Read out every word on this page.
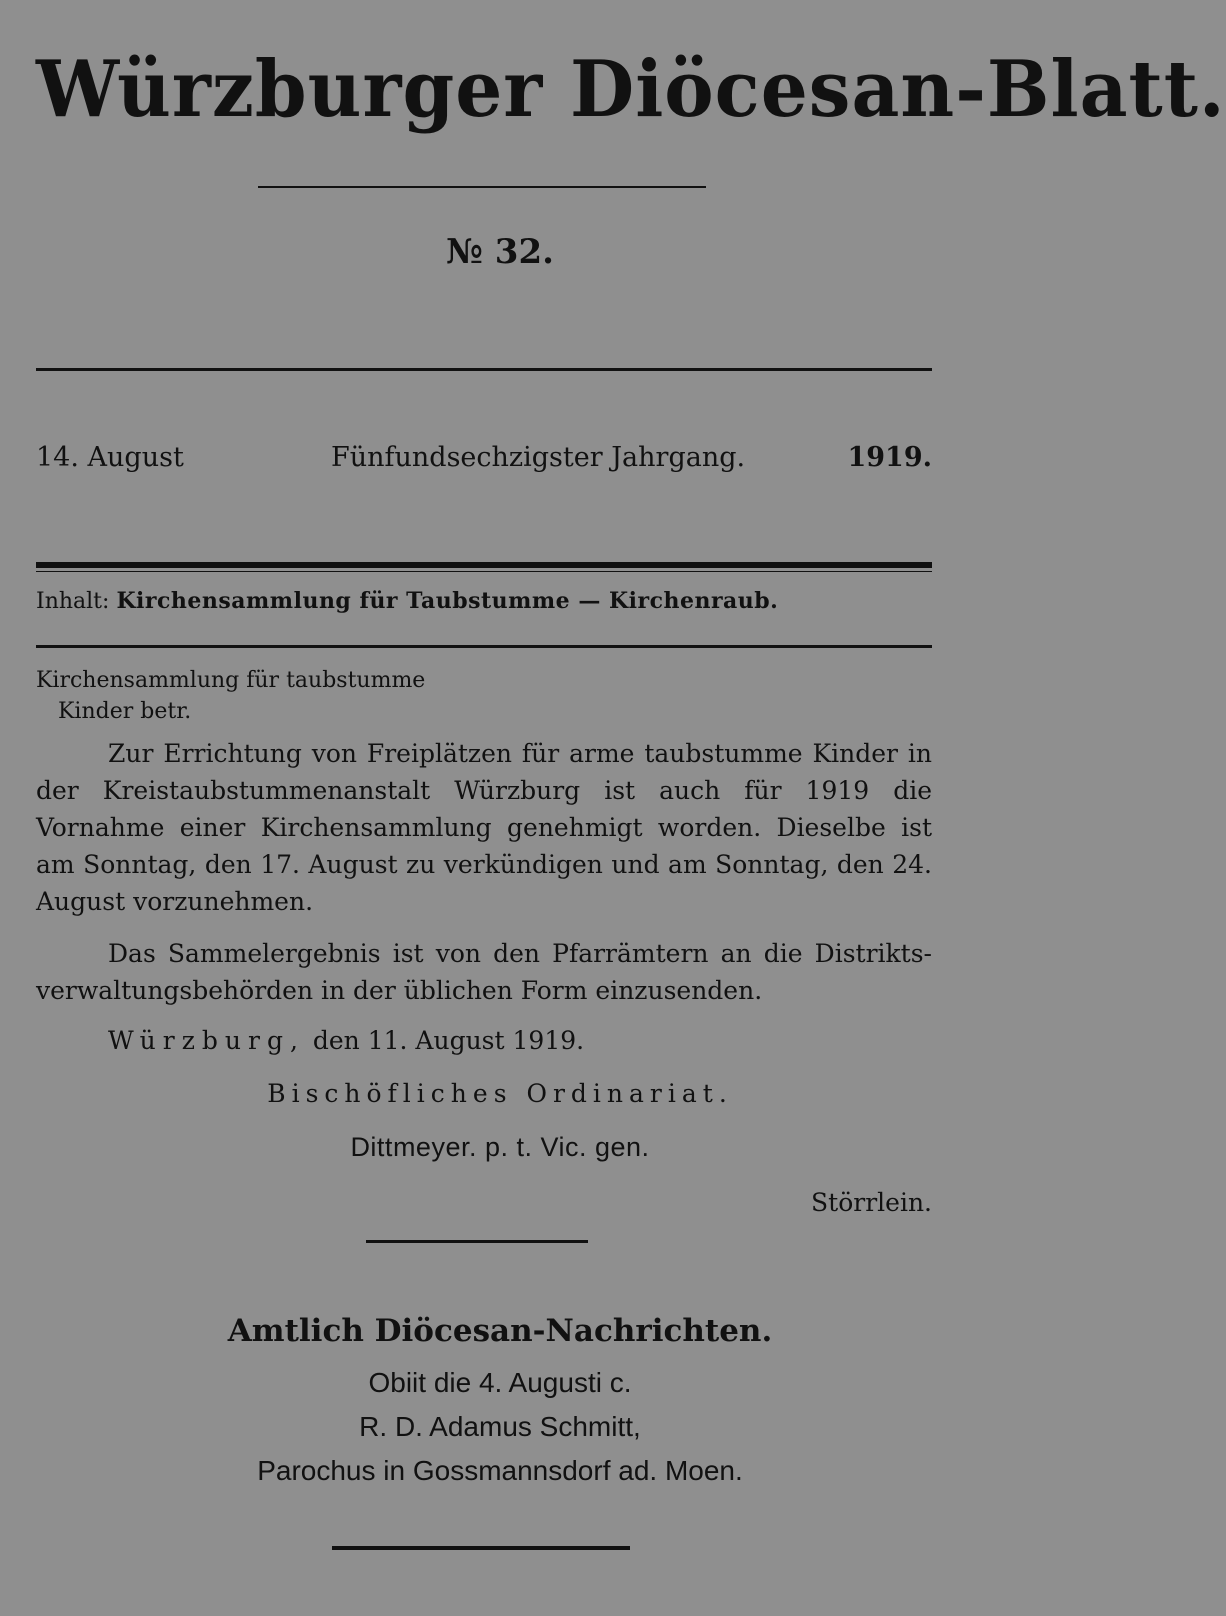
Würzburger Diöcesan-Blatt.
№ 32.
14. August	Fünfundsechzigster Jahrgang.	1919.
Inhalt: Kirchensammlung für Taubstumme — Kirchenraub.
Kirchensammlung für taubstumme
Kinder betr.
Zur Errichtung von Freiplätzen für arme taubstumme Kinder in der Kreistaubstummenanstalt Würzburg ist auch für 1919 die Vornahme einer Kirchensammlung genehmigt worden. Dieselbe ist am Sonntag, den 17. August zu verkündigen und am Sonntag, den 24. August vorzunehmen.
Das Sammelergebnis ist von den Pfarrämtern an die Distrikts-verwaltungsbehörden in der üblichen Form einzusenden.
Würzburg, den 11. August 1919.
Bischöfliches Ordinariat.
Dittmeyer. p. t. Vic. gen.
Störrlein.
Amtlich Diöcesan-Nachrichten.
Obiit die 4. Augusti c.
R. D. Adamus Schmitt,
Parochus in Gossmannsdorf ad. Moen.
